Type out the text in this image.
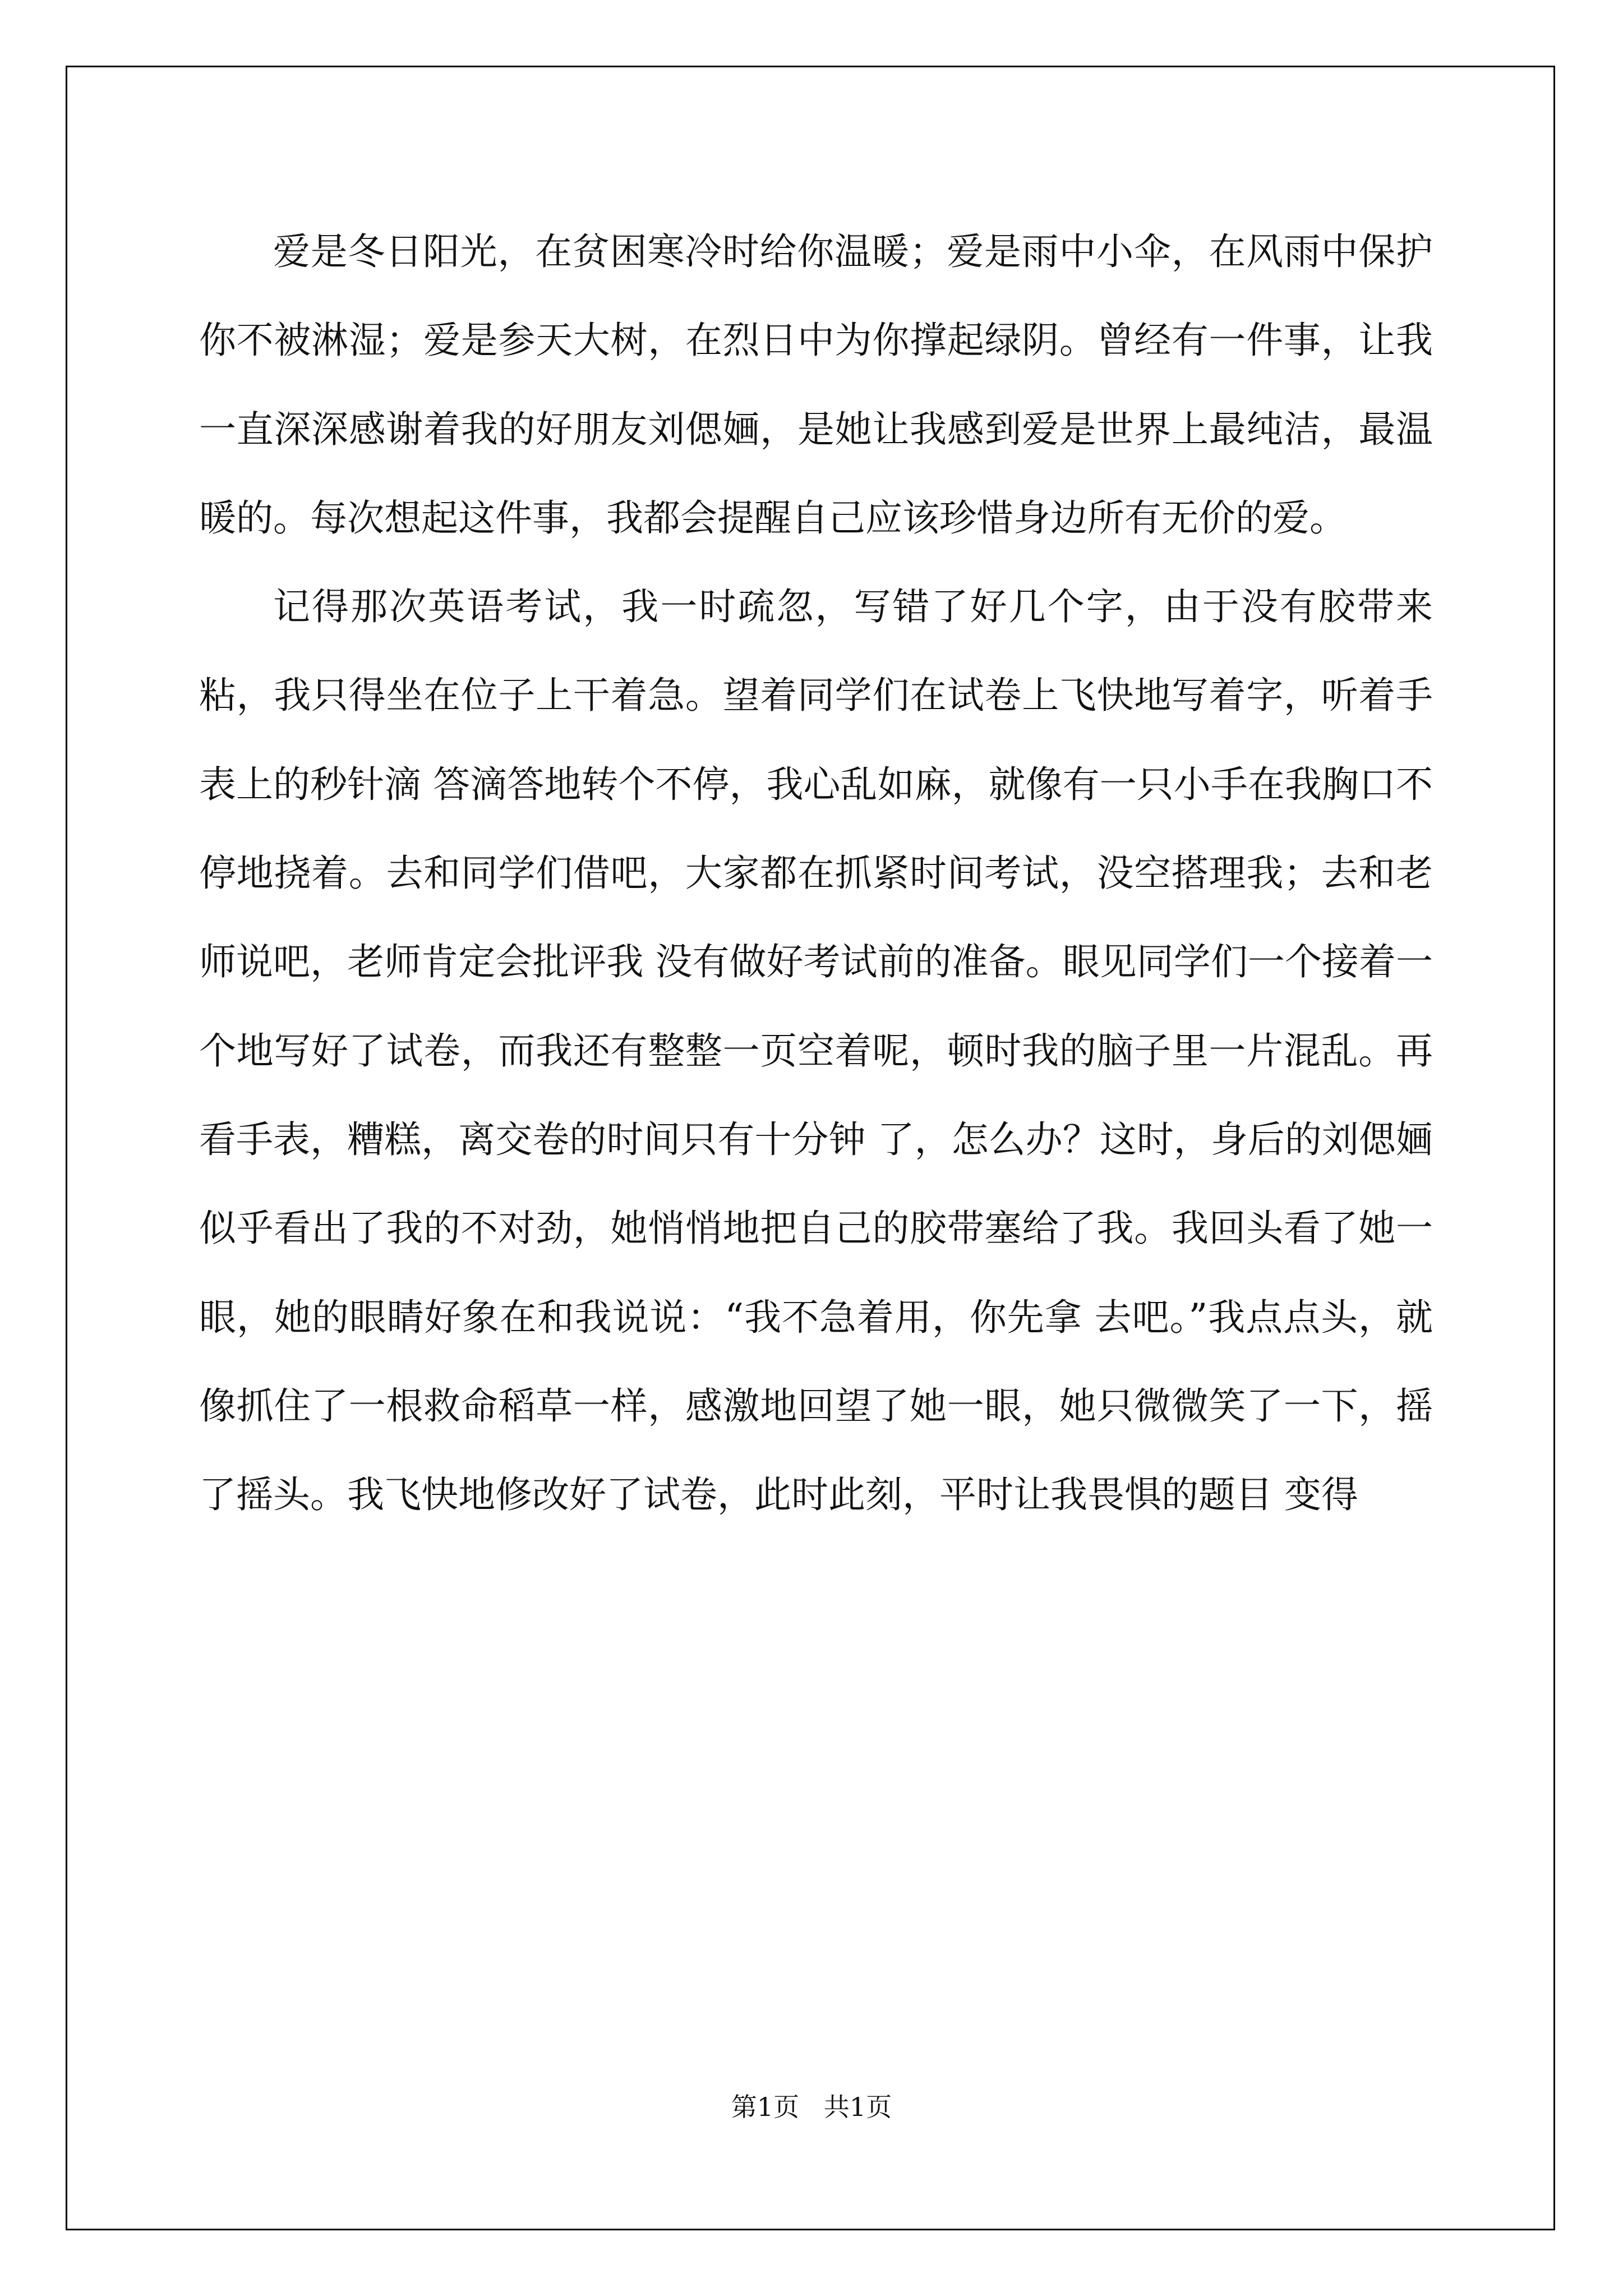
爱是冬日阳光，在贫困寒冷时给你温暖；爱是雨中小伞，在风雨中保护你不被淋湿；爱是参天大树，在烈日中为你撑起绿阴。曾经有一件事，让我一直深深感谢着我的好朋友刘偲婳，是她让我感到爱是世界上最纯洁，最温暖的。每次想起这件事，我都会提醒自己应该珍惜身边所有无价的爱。

记得那次英语考试，我一时疏忽，写错了好几个字，由于没有胶带来粘，我只得坐在位子上干着急。望着同学们在试卷上飞快地写着字，听着手表上的秒针滴 答滴答地转个不停，我心乱如麻，就像有一只小手在我胸口不停地挠着。去和同学们借吧，大家都在抓紧时间考试，没空搭理我；去和老师说吧，老师肯定会批评我 没有做好考试前的准备。眼见同学们一个接着一个地写好了试卷，而我还有整整一页空着呢，顿时我的脑子里一片混乱。再看手表，糟糕，离交卷的时间只有十分钟 了，怎么办？这时，身后的刘偲婳似乎看出了我的不对劲，她悄悄地把自己的胶带塞给了我。我回头看了她一眼，她的眼睛好象在和我说说：“我不急着用，你先拿 去吧。”我点点头，就像抓住了一根救命稻草一样，感激地回望了她一眼，她只微微笑了一下，摇了摇头。我飞快地修改好了试卷，此时此刻，平时让我畏惧的题目 变得

第1页   共1页
